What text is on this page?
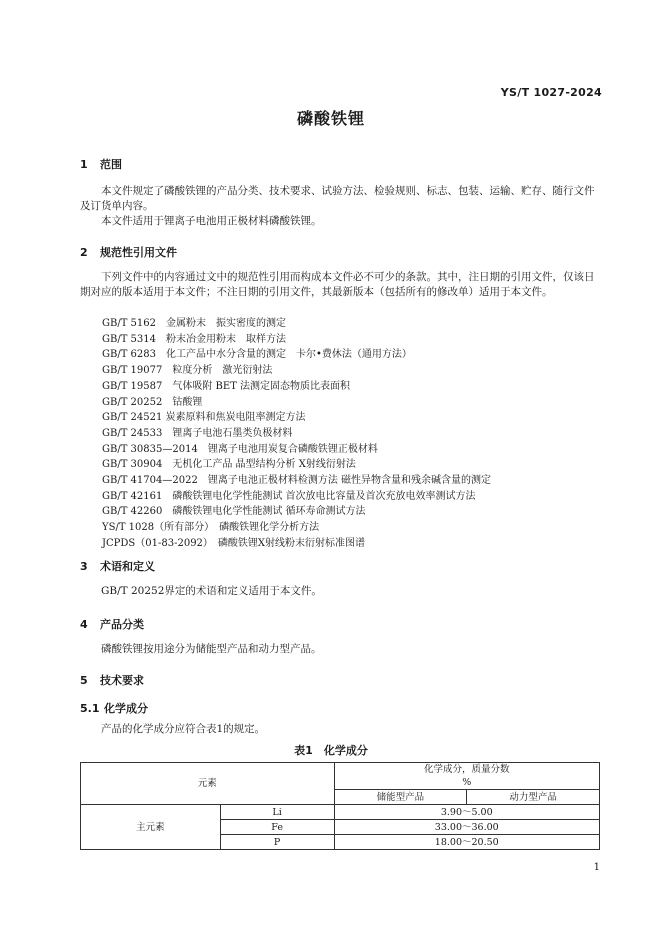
YS/T 1027-2024
磷酸铁锂
1 范围
本文件规定了磷酸铁锂的产品分类、技术要求、试验方法、检验规则、标志、包装、运输、贮存、随行文件及订货单内容。
本文件适用于锂离子电池用正极材料磷酸铁锂。
2 规范性引用文件
下列文件中的内容通过文中的规范性引用而构成本文件必不可少的条款。其中，注日期的引用文件，仅该日期对应的版本适用于本文件；不注日期的引用文件，其最新版本（包括所有的修改单）适用于本文件。
GB/T 5162　金属粉末　振实密度的测定
GB/T 5314　粉末冶金用粉末　取样方法
GB/T 6283　化工产品中水分含量的测定　卡尔•费休法（通用方法）
GB/T 19077　粒度分析　激光衍射法
GB/T 19587　气体吸附 BET 法测定固态物质比表面积
GB/T 20252　钴酸锂
GB/T 24521 炭素原料和焦炭电阻率测定方法
GB/T 24533　锂离子电池石墨类负极材料
GB/T 30835—2014　锂离子电池用炭复合磷酸铁锂正极材料
GB/T 30904　无机化工产品 晶型结构分析 X射线衍射法
GB/T 41704—2022　锂离子电池正极材料检测方法 磁性异物含量和残余碱含量的测定
GB/T 42161　磷酸铁锂电化学性能测试 首次放电比容量及首次充放电效率测试方法
GB/T 42260　磷酸铁锂电化学性能测试 循环寿命测试方法
YS/T 1028（所有部分）　磷酸铁锂化学分析方法
JCPDS（01-83-2092）　磷酸铁锂X射线粉末衍射标准图谱
3 术语和定义
GB/T 20252界定的术语和定义适用于本文件。
4 产品分类
磷酸铁锂按用途分为储能型产品和动力型产品。
5 技术要求
5.1 化学成分
产品的化学成分应符合表1的规定。
表1　化学成分
元素		化学成分，质量分数
%	

		储能型产品	动力型产品
主元素	Li	3.90～5.00	
	Fe	33.00～36.00	
	P	18.00～20.50	
1
